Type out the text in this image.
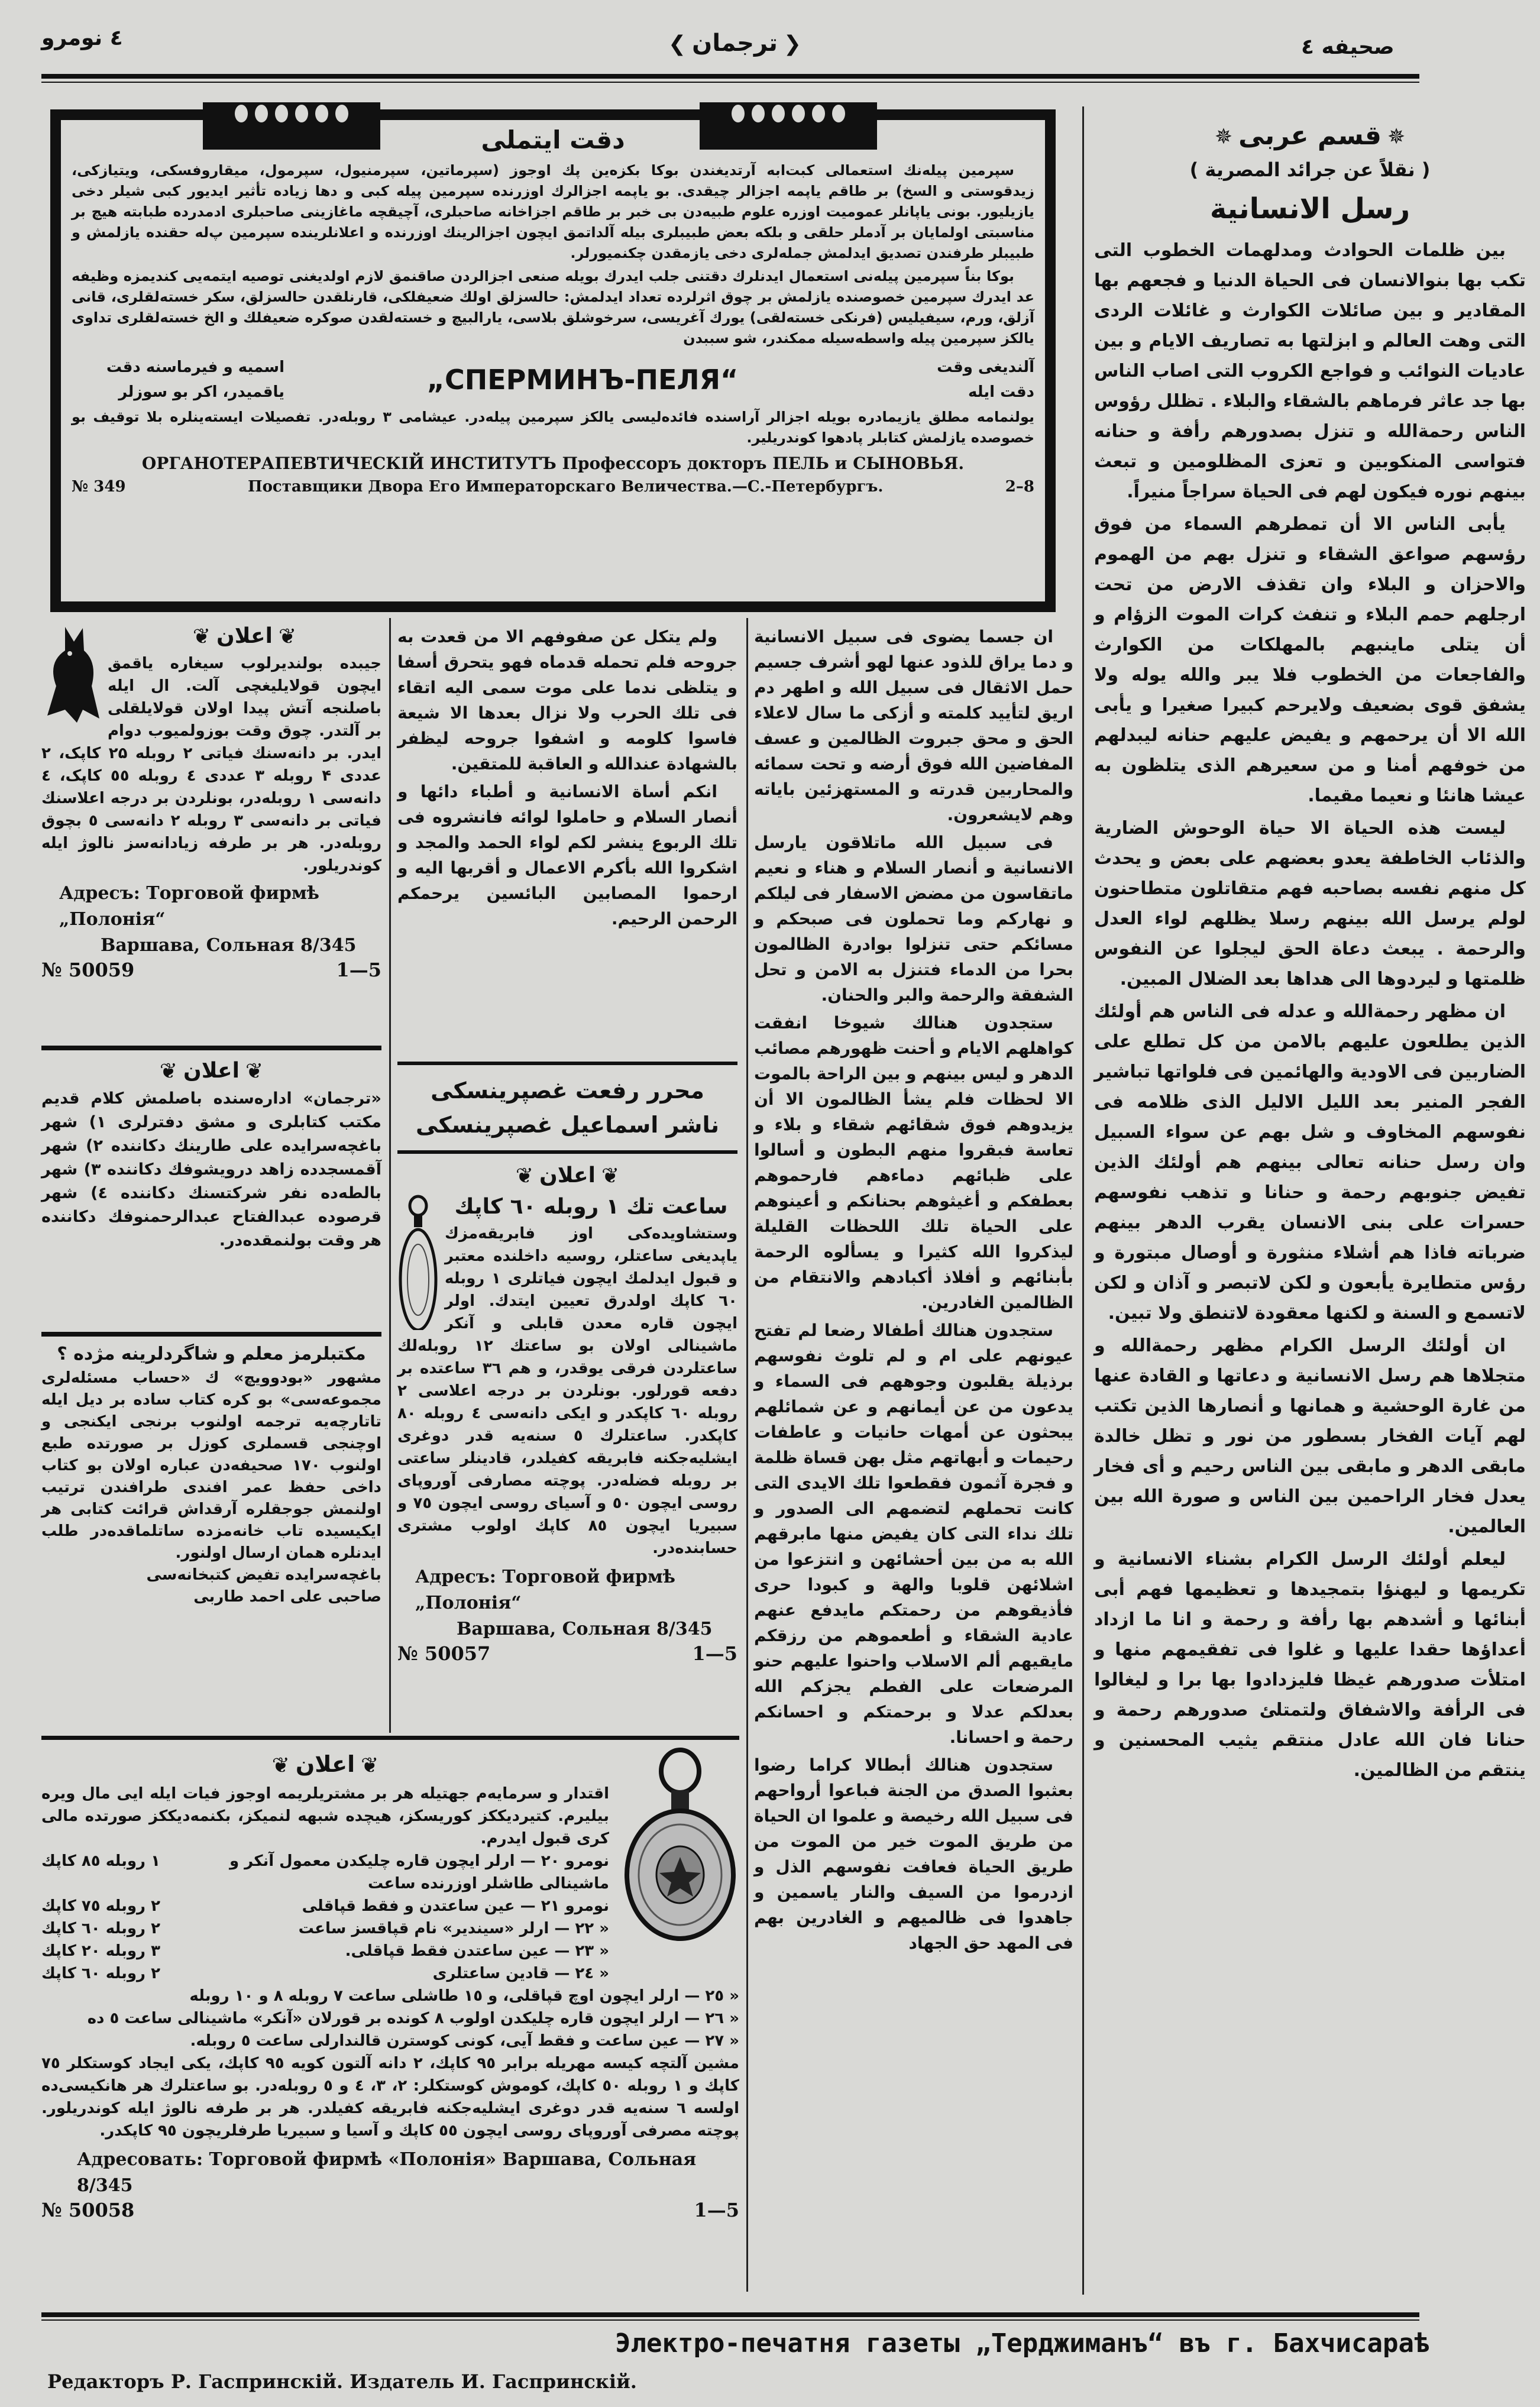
٤ نومرو	❮ترجمان❯	صحیفه ٤
دقت ایتملی

سپرمین پیله‌نك استعمالی کبت‌ابه آرتدیغندن بوکا بکزه‌ین پك اوجوز (سپرماتین، سپرمنیول، سپرمول، میقاروفسکی، ویتیازکی، زیدقوستی و السخ) بر طاقم یاپمه اجزالر چیقدی. بو یاپمه اجزالرك اوزرنده سپرمین پیله کبی و دها زیاده تأثیر ایدیور کبی شیلر دخی یازیلیور. بونی یاپانلر عمومیت اوزره علوم طبیه‌دن بی خبر بر طاقم اجزاخانه صاحبلری، آچیقچه ماغازینی صاحبلری ادمدرده طبابته هیچ بر مناسبتی اولمایان بر آدملر حلقی و بلکه بعض طبیبلری بیله آلداتمق ایچون اجزالرینك اوزرنده و اعلانلرینده سپرمین پ‌له حقنده یازلمش و طبیبلر طرفندن تصدیق ایدلمش جمله‌لری دخی یازمقدن چکنمیورلر.

بوکا بناً سپرمین پیله‌نی استعمال ایدنلرك دقتنی جلب ایدرك بویله صنعی اجزالردن صاقنمق لازم اولدیغنی توصیه ایتمه‌یی کندیمزه وظیفه عد ایدرك سپرمین خصوصنده یازلمش بر چوق اثرلرده تعداد ایدلمش: حالسزلق اولك ضعیفلکی، قارنلقدن حالسزلق، سکر خسته‌لقلری، قانی آزلق، ورم، سیفیلیس (فرنکی خسته‌لقی) یورك آغریسی، سرخوشلق بلاسی، یارالبیچ و خسته‌لقدن صوکره ضعیفلك و الخ خسته‌لقلری تداوی یالکز سپرمین پیله واسطه‌سیله ممکندر، شو سببدن

اسمیه و فیرماسنه دقت
یاقمیدر، اکر بو سوزلر	„СПЕРМИНЪ-ПЕЛЯ“	آلندیغی وقت
دقت ایله
یولنمامه مطلق یازیمادره بویله اجزالر آراسنده فائده‌لیسی یالکز سپرمین پیله‌در. عیشامی ۳ روبله‌در. تفصیلات ایسته‌ینلره بلا توقیف بو خصوصده یازلمش کتابلر پادهوا کوندریلیر.
ОРГАНОТЕРАПЕВТИЧЕСКІЙ ИНСТИТУТЪ Профессоръ докторъ ПЕЛЬ и СЫНОВЬЯ.
№ 349	Поставщики Двора Его Императорскаго Величества.—С.-Петербургъ.	2–8
✵قسم عربى✵
( نقلاً عن جرائد المصرية )
رسل الانسانية

بين ظلمات الحوادث ومدلهمات الخطوب التى تكب بها بنوالانسان فى الحياة الدنيا و فجعهم بها المقادير و بين صائلات الكوارث و غائلات الردى التى وهت العالم و ابزلتها به تصاريف الايام و بين عاديات النوائب و فواجع الكروب التى اصاب الناس بها جد عاثر فرماهم بالشقاء والبلاء . تظلل رؤوس الناس رحمةالله و تنزل بصدورهم رأفة و حنانه فتواسى المنكوبين و تعزى المظلومين و تبعث بينهم نوره فيكون لهم فى الحياة سراجاً منيراً.

يأبى الناس الا أن تمطرهم السماء من فوق رؤسهم صواعق الشقاء و تنزل بهم من الهموم والاحزان و البلاء وان تقذف الارض من تحت ارجلهم حمم البلاء و تنفث كرات الموت الزؤام و أن يتلى ماينبهم بالمهلكات من الكوارث والفاجعات من الخطوب فلا يبر والله يوله ولا يشفق قوى بضعيف ولايرحم كبيرا صغيرا و يأبى الله الا أن يرحمهم و يفيض عليهم حنانه ليبدلهم من خوفهم أمنا و من سعيرهم الذى يتلظون به عيشا هانئا و نعيما مقيما.

ليست هذه الحياة الا حياة الوحوش الضارية والذئاب الخاطفة يعدو بعضهم على بعض و يحدث كل منهم نفسه بصاحبه فهم متقاتلون متطاحنون لولم يرسل الله بينهم رسلا يظلهم لواء العدل والرحمة . يبعث دعاة الحق ليجلوا عن النفوس ظلمتها و ليردوها الى هداها بعد الضلال المبين.

ان مظهر رحمةالله و عدله فى الناس هم أولئك الذين يطلعون عليهم بالامن من كل تطلع على الضاربين فى الاودية والهائمين فى فلواتها تباشير الفجر المنير بعد الليل الاليل الذى ظلامه فى نفوسهم المخاوف و شل بهم عن سواء السبيل وان رسل حنانه تعالى بينهم هم أولئك الذين تفيض جنوبهم رحمة و حنانا و تذهب نفوسهم حسرات على بنى الانسان يقرب الدهر بينهم ضرباته فاذا هم أشلاء منثورة و أوصال مبتورة و رؤس متطايرة يأبعون و لكن لاتبصر و آذان و لكن لاتسمع و السنة و لكنها معقودة لاتنطق ولا تبين.

ان أولئك الرسل الكرام مظهر رحمةالله و متجلاها هم رسل الانسانية و دعاتها و القادة عنها من غارة الوحشية و همانها و أنصارها الذين تكتب لهم آيات الفخار بسطور من نور و تظل خالدة مابقى الدهر و مابقى بين الناس رحيم و أى فخار يعدل فخار الراحمين بين الناس و صورة الله بين العالمين.

ليعلم أولئك الرسل الكرام بشناء الانسانية و تكريمها و ليهنؤا بتمجيدها و تعظيمها فهم أبى أبنائها و أشدهم بها رأفة و رحمة و انا ما ازداد أعداؤها حقدا عليها و غلوا فى تفقيمهم منها و امتلأت صدورهم غيظا فليزدادوا بها برا و ليغالوا فى الرأفة والاشفاق ولتمتلئ صدورهم رحمة و حنانا فان الله عادل منتقم يثيب المحسنين و ينتقم من الظالمين.

ان جسما يضوى فى سبيل الانسانية و دما يراق للذود عنها لهو أشرف جسيم حمل الاثقال فى سبيل الله و اطهر دم اريق لتأييد كلمته و أزكى ما سال لاعلاء الحق و محق جبروت الظالمين و عسف المفاضين الله فوق أرضه و تحت سمائه والمحاربين قدرته و المستهزئين باياته وهم لايشعرون.

فى سبيل الله ماتلاقون يارسل الانسانية و أنصار السلام و هناء و نعيم ماتقاسون من مضض الاسفار فى ليلكم و نهاركم وما تحملون فى صبحكم و مسائكم حتى تنزلوا بوادرة الظالمون بحرا من الدماء فتنزل به الامن و تحل الشفقة والرحمة والبر والحنان.

ستجدون هنالك شيوخا انفقت كواهلهم الايام و أحنت ظهورهم مصائب الدهر و ليس بينهم و بين الراحة بالموت الا لحظات فلم يشأ الظالمون الا أن يزيدوهم فوق شقائهم شقاء و بلاء و تعاسة فبقروا منهم البطون و أسالوا على ظبائهم دماءهم فارحموهم بعطفكم و أغيثوهم بحنانكم و أعينوهم على الحياة تلك اللحظات القليلة ليذكروا الله كثيرا و يسألوه الرحمة بأبنائهم و أفلاذ أكبادهم والانتقام من الظالمين الغادرين.

ستجدون هنالك أطفالا رضعا لم تفتح عيونهم على ام و لم تلوث نفوسهم برذيلة يقلبون وجوههم فى السماء و يدعون من عن أيمانهم و عن شمائلهم يبحثون عن أمهات حانيات و عاطفات رحيمات و أبهاتهم مثل بهن قساة ظلمة و فجرة آثمون فقطعوا تلك الايدى التى كانت تحملهم لتضمهم الى الصدور و تلك نداء التى كان يفيض منها مابرقهم الله به من بين أحشائهن و انتزعوا من اشلائهن قلوبا والهة و كبودا حرى فأذيقوهم من رحمتكم مايدفع عنهم عادية الشقاء و أطعموهم من رزقكم مايقيهم ألم الاسلاب واحنوا عليهم حنو المرضعات على الفطم يجزكم الله بعدلكم عدلا و برحمتكم و احسانكم رحمة و احسانا.

ستجدون هنالك أبطالا كراما رضوا بعثبوا الصدق من الجنة فباعوا أرواحهم فى سبيل الله رخيصة و علموا ان الحياة من طريق الموت خير من الموت من طريق الحياة فعافت نفوسهم الذل و ازدرموا من السيف والنار ياسمين و جاهدوا فى ظالميهم و الغادرين بهم فى المهد حق الجهاد

ولم يتكل عن صفوفهم الا من قعدت به جروحه فلم تحمله قدماه فهو يتحرق أسفا و يتلظى ندما على موت سمى اليه اتقاء فى تلك الحرب ولا نزال بعدها الا شيعة فاسوا كلومه و اشفوا جروحه ليظفر بالشهادة عندالله و العاقبة للمتقين.

انكم أساة الانسانية و أطباء دائها و أنصار السلام و حاملوا لوائه فانشروه فى تلك الربوع ينشر لكم لواء الحمد والمجد و اشكروا الله بأكرم الاعمال و أقربها اليه و ارحموا المصابين البائسين يرحمكم الرحمن الرحيم.

محرر رفعت غصپرینسکی
ناشر اسماعیل غصپرینسکی
❦اعلان❦
ساعت تك ۱ روبله ٦٠ کاپك
وستشاویده‌کی اوز فابریقه‌مزك یاپدیغی ساعتلر، روسیه داخلنده معتبر و قبول ایدلمك ایچون فیاتلری ۱ روبله ٦٠ کاپك اولدرق تعیین ایتدك. اولر ایچون قاره معدن قابلی و آنکر ماشینالی اولان بو ساعتك ۱۲ روبله‌لك ساعتلردن فرقی یوقدر، و هم ۳٦ ساعتده بر دفعه قورلور. بونلردن بر درجه اعلاسی ۲ روبله ٦٠ کاپکدر و ایکی دانه‌سی ٤ روبله ۸٠ کاپکدر. ساعتلرك ٥ سنه‌یه قدر دوغری ایشلیه‌جکنه فابریقه کفیلدر، قادینلر ساعتی بر روبله فضله‌در. پوچته مصارفی آوروپای روسی ایچون ٥٠ و آسیای روسی ایچون ۷٥ و سبیریا ایچون ۸٥ کاپك اولوب مشتری حسابنده‌در.
Адресъ: Торговой фирмѣ „Полонія“
Варшава, Сольная 8/345
№ 50057	1—5
❦اعلان❦
جیبده بولندیرلوب سیغاره یاقمق ایچون قولایلیغچی آلت. ال ایله باصلنجه آتش پیدا اولان قولایلقلی بر آلتدر. چوق وقت بوزولمیوب دوام ایدر. بر دانه‌سنك فیاتی ۲ روبله ۲۵ کاپک، ۲ عددی ۴ روبله ۳ عددی ٤ روبله ٥٥ کاپک، ٤ دانه‌سی ۱ روبله‌در، بونلردن بر درجه اعلاسنك فیاتی بر دانه‌سی ۳ روبله ۲ دانه‌سی ٥ بچوق روبله‌در. هر بر طرفه زیادانه‌سز نالوژ ایله کوندریلور.
Адресъ: Торговой фирмѣ „Полонія“
Варшава, Сольная 8/345
№ 50059	1—5
❦اعلان❦
«ترجمان» اداره‌سنده باصلمش کلام قدیم مکتب کتابلری و مشق دفترلری ۱) شهر باغچه‌سرایده علی طارینك دکاننده ۲) شهر آقمسجدده زاهد درویشوفك دکاننده ۳) شهر بالطه‌ده نفر شرکتسنك دکاننده ٤) شهر قرصوده عبدالفتاح عبدالرحمنوفك دکاننده هر وقت بولنمقده‌در.
مکتبلرمز معلم و شاگردلرینه مژده ؟
مشهور «بودوویچ» ك «حساب مسئله‌لری مجموعه‌سی» بو کره کتاب ساده بر دیل ایله تاتارچه‌یه ترجمه اولنوب برنجی ایکنجی و اوچنجی قسملری کوزل بر صورتده طبع اولنوب ۱۷۰ صحیفه‌دن عباره اولان بو کتاب داخی حفظ عمر افندی طرافندن ترتیب اولنمش جوجقلره آرقداش قرائت کتابی هر ایکیسیده تاب خانه‌مزده ساتلماقده‌در طلب ایدنلره همان ارسال اولنور.
باغچه‌سرایده تفیض کتبخانه‌سی
صاحبی علی احمد طاربی
❦اعلان❦
اقتدار و سرمایه‌م جهتیله هر بر مشتریلریمه اوجوز فیات ایله ایی مال ویره بیلیرم. کتیردیککز کوریسکز، هیچده شبهه لنمیکز، بکنمه‌دیککز صورتده مالی کری قبول ایدرم.
نومرو ۲٠ — ارلر ایچون قاره چلیکدن معمول آنکر و ماشینالی طاشلر اوزرنده ساعت
۱ روبله ۸٥ کاپك
نومرو ۲۱ — عین ساعتدن و فقط قپاقلی
۲ روبله ۷٥ کاپك
« ۲۲ — ارلر «سیندیر» نام قپاقسز ساعت
۲ روبله ٦٠ کاپك
« ۲۳ — عین ساعتدن فقط قپاقلی.
۳ روبله ۲٠ کاپك
« ۲٤ — قادین ساعتلری
۲ روبله ٦٠ کاپك
« ۲٥ — ارلر ایچون اوچ قپاقلی، و ۱٥ طاشلی ساعت ۷ روبله ۸ و ۱٠ روبله
« ۲٦ — ارلر ایچون قاره چلیکدن اولوب ۸ کونده بر قورلان «آنکر» ماشینالی ساعت ٥ ده
« ۲۷ — عین ساعت و فقط آیی، کونی کوسترن قالندارلی ساعت ٥ روبله.
مشین آلتچه کیسه مهریله برابر ۹٥ کاپك، ۲ دانه آلتون کویه ۹٥ کاپك، یکی ایجاد کوستکلر ۷٥ کاپك و ۱ روبله ٥٠ کاپك، کوموش کوستکلر: ۲، ۳، ٤ و ٥ روبله‌در. بو ساعتلرك هر هانکیسی‌ده اولسه ٦ سنه‌یه قدر دوغری ایشلیه‌جکنه فابریقه کفیلدر. هر بر طرفه نالوژ ایله کوندریلور. پوچته مصرفی آوروپای روسی ایچون ٥٥ کاپك و آسیا و سبیریا طرفلریچون ۹٥ کاپکدر.
Адресовать: Торговой фирмѣ «Полонія» Варшава, Сольная 8/345
№ 50058	1—5
Электро-печатня газеты „Терджиманъ“ въ г. Бахчисараѣ
Редакторъ Р. Гаспринскій. Издатель И. Гаспринскій.
